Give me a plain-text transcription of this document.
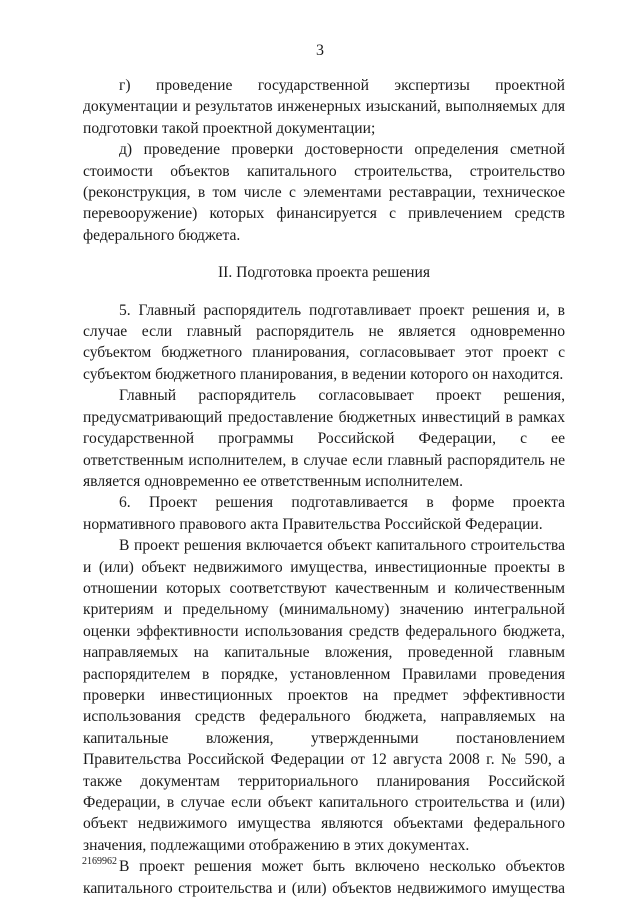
3

г) проведение государственной экспертизы проектной документации и результатов инженерных изысканий, выполняемых для подготовки такой проектной документации;

д) проведение проверки достоверности определения сметной стоимости объектов капитального строительства, строительство (реконструкция, в том числе с элементами реставрации, техническое перевооружение) которых финансируется с привлечением средств федерального бюджета.

II. Подготовка проекта решения

5. Главный распорядитель подготавливает проект решения и, в случае если главный распорядитель не является одновременно субъектом бюджетного планирования, согласовывает этот проект с субъектом бюджетного планирования, в ведении которого он находится.

Главный распорядитель согласовывает проект решения, предусматривающий предоставление бюджетных инвестиций в рамках государственной программы Российской Федерации, с ее ответственным исполнителем, в случае если главный распорядитель не является одновременно ее ответственным исполнителем.

6. Проект решения подготавливается в форме проекта нормативного правового акта Правительства Российской Федерации.

В проект решения включается объект капитального строительства и (или) объект недвижимого имущества, инвестиционные проекты в отношении которых соответствуют качественным и количественным критериям и предельному (минимальному) значению интегральной оценки эффективности использования средств федерального бюджета, направляемых на капитальные вложения, проведенной главным распорядителем в порядке, установленном Правилами проведения проверки инвестиционных проектов на предмет эффективности использования средств федерального бюджета, направляемых на капитальные вложения, утвержденными постановлением Правительства Российской Федерации от 12 августа 2008 г. № 590, а также документам территориального планирования Российской Федерации, в случае если объект капитального строительства и (или) объект недвижимого имущества являются объектами федерального значения, подлежащими отображению в этих документах.

В проект решения может быть включено несколько объектов капитального строительства и (или) объектов недвижимого имущества

2169962
